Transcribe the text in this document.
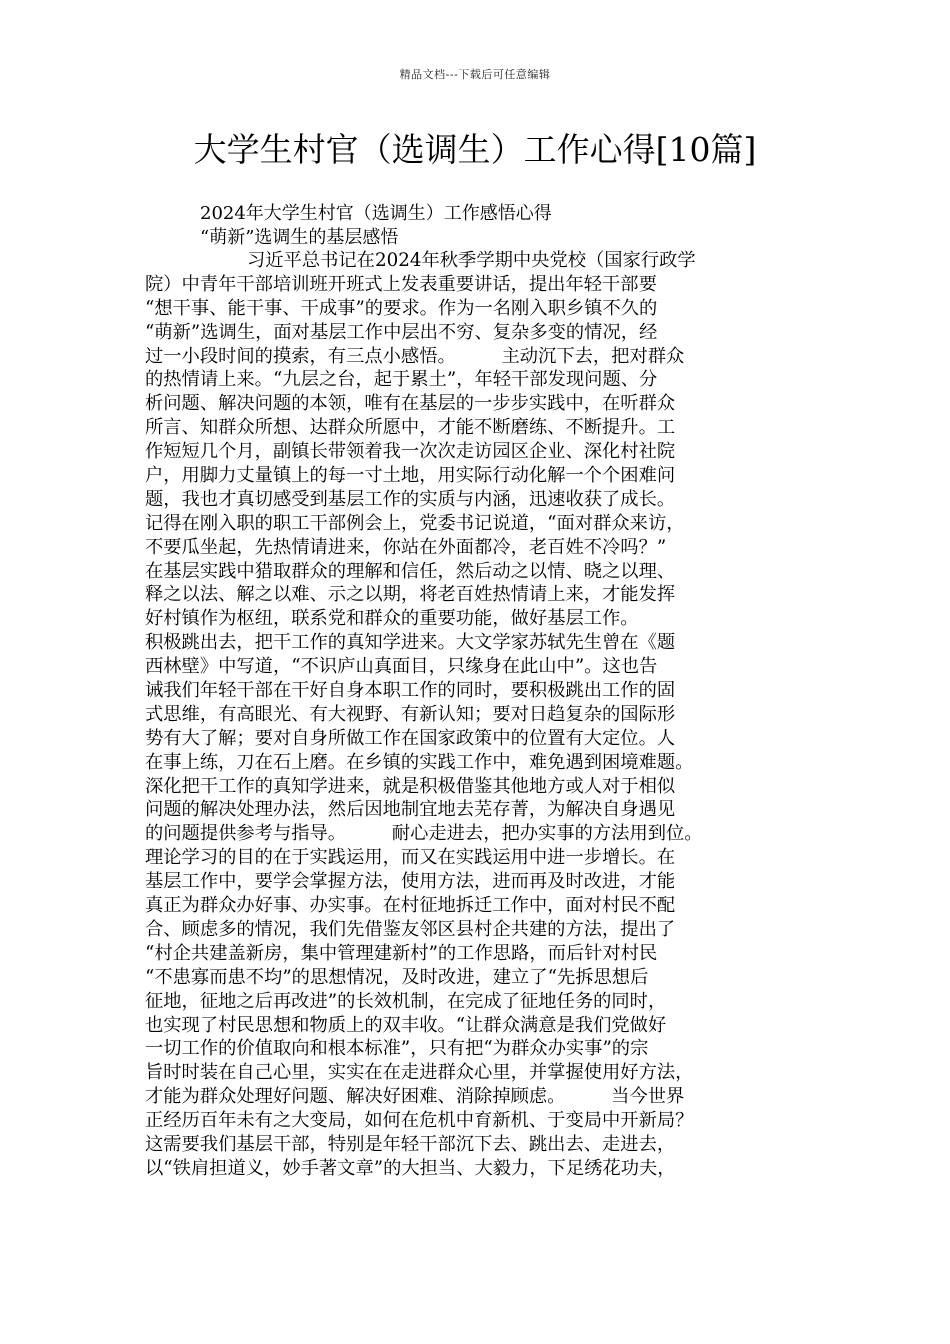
精品文档---下载后可任意编辑
大学生村官（选调生）工作心得[10篇]
2024年大学生村官（选调生）工作感悟心得
“萌新”选调生的基层感悟
习近平总书记在2024年秋季学期中央党校（国家行政学
院）中青年干部培训班开班式上发表重要讲话，提出年轻干部要
“想干事、能干事、干成事”的要求。作为一名刚入职乡镇不久的
“萌新”选调生，面对基层工作中层出不穷、复杂多变的情况，经
过一小段时间的摸索，有三点小感悟。　　　主动沉下去，把对群众
的热情请上来。“九层之台，起于累土”，年轻干部发现问题、分
析问题、解决问题的本领，唯有在基层的一步步实践中，在听群众
所言、知群众所想、达群众所愿中，才能不断磨练、不断提升。工
作短短几个月，副镇长带领着我一次次走访园区企业、深化村社院
户，用脚力丈量镇上的每一寸土地，用实际行动化解一个个困难问
题，我也才真切感受到基层工作的实质与内涵，迅速收获了成长。
记得在刚入职的职工干部例会上，党委书记说道，“面对群众来访，
不要瓜坐起，先热情请进来，你站在外面都冷，老百姓不冷吗？”
在基层实践中猎取群众的理解和信任，然后动之以情、晓之以理、
释之以法、解之以难、示之以期，将老百姓热情请上来，才能发挥
好村镇作为枢纽，联系党和群众的重要功能，做好基层工作。
积极跳出去，把干工作的真知学进来。大文学家苏轼先生曾在《题
西林壁》中写道，“不识庐山真面目，只缘身在此山中”。这也告
诫我们年轻干部在干好自身本职工作的同时，要积极跳出工作的固
式思维，有高眼光、有大视野、有新认知；要对日趋复杂的国际形
势有大了解；要对自身所做工作在国家政策中的位置有大定位。人
在事上练，刀在石上磨。在乡镇的实践工作中，难免遇到困境难题。
深化把干工作的真知学进来，就是积极借鉴其他地方或人对于相似
问题的解决处理办法，然后因地制宜地去芜存菁，为解决自身遇见
的问题提供参考与指导。　　　耐心走进去，把办实事的方法用到位。
理论学习的目的在于实践运用，而又在实践运用中进一步增长。在
基层工作中，要学会掌握方法，使用方法，进而再及时改进，才能
真正为群众办好事、办实事。在村征地拆迁工作中，面对村民不配
合、顾虑多的情况，我们先借鉴友邻区县村企共建的方法，提出了
“村企共建盖新房，集中管理建新村”的工作思路，而后针对村民
“不患寡而患不均”的思想情况，及时改进，建立了“先拆思想后
征地，征地之后再改进”的长效机制，在完成了征地任务的同时，
也实现了村民思想和物质上的双丰收。“让群众满意是我们党做好
一切工作的价值取向和根本标准”，只有把“为群众办实事”的宗
旨时时装在自己心里，实实在在走进群众心里，并掌握使用好方法，
才能为群众处理好问题、解决好困难、消除掉顾虑。　　　当今世界
正经历百年未有之大变局，如何在危机中育新机、于变局中开新局？
这需要我们基层干部，特别是年轻干部沉下去、跳出去、走进去，
以“铁肩担道义，妙手著文章”的大担当、大毅力，下足绣花功夫，
